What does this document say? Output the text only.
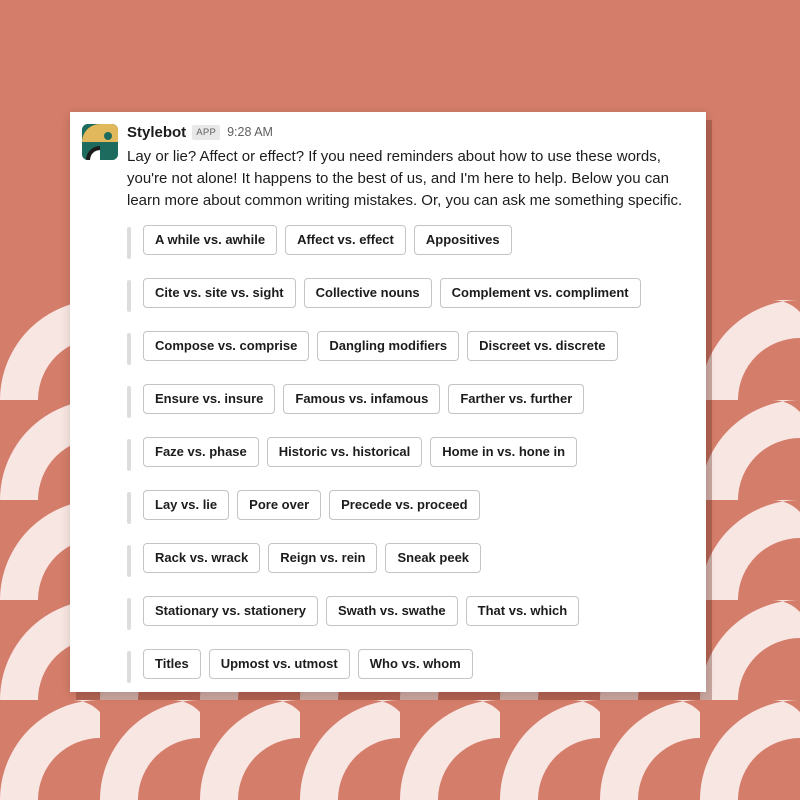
Stylebot	APP 9:28 AM
Lay or lie? Affect or effect? If you need reminders about how to use these words, you're not alone! It happens to the best of us, and I'm here to help. Below you can learn more about common writing mistakes. Or, you can ask me something specific.
A while vs. awhile	Affect vs. effect	Appositives
Cite vs. site vs. sight	Collective nouns	Complement vs. compliment
Compose vs. comprise	Dangling modifiers	Discreet vs. discrete
Ensure vs. insure	Famous vs. infamous	Farther vs. further
Faze vs. phase	Historic vs. historical	Home in vs. hone in
Lay vs. lie	Pore over	Precede vs. proceed
Rack vs. wrack	Reign vs. rein	Sneak peek
Stationary vs. stationery	Swath vs. swathe	That vs. which
Titles	Upmost vs. utmost	Who vs. whom
